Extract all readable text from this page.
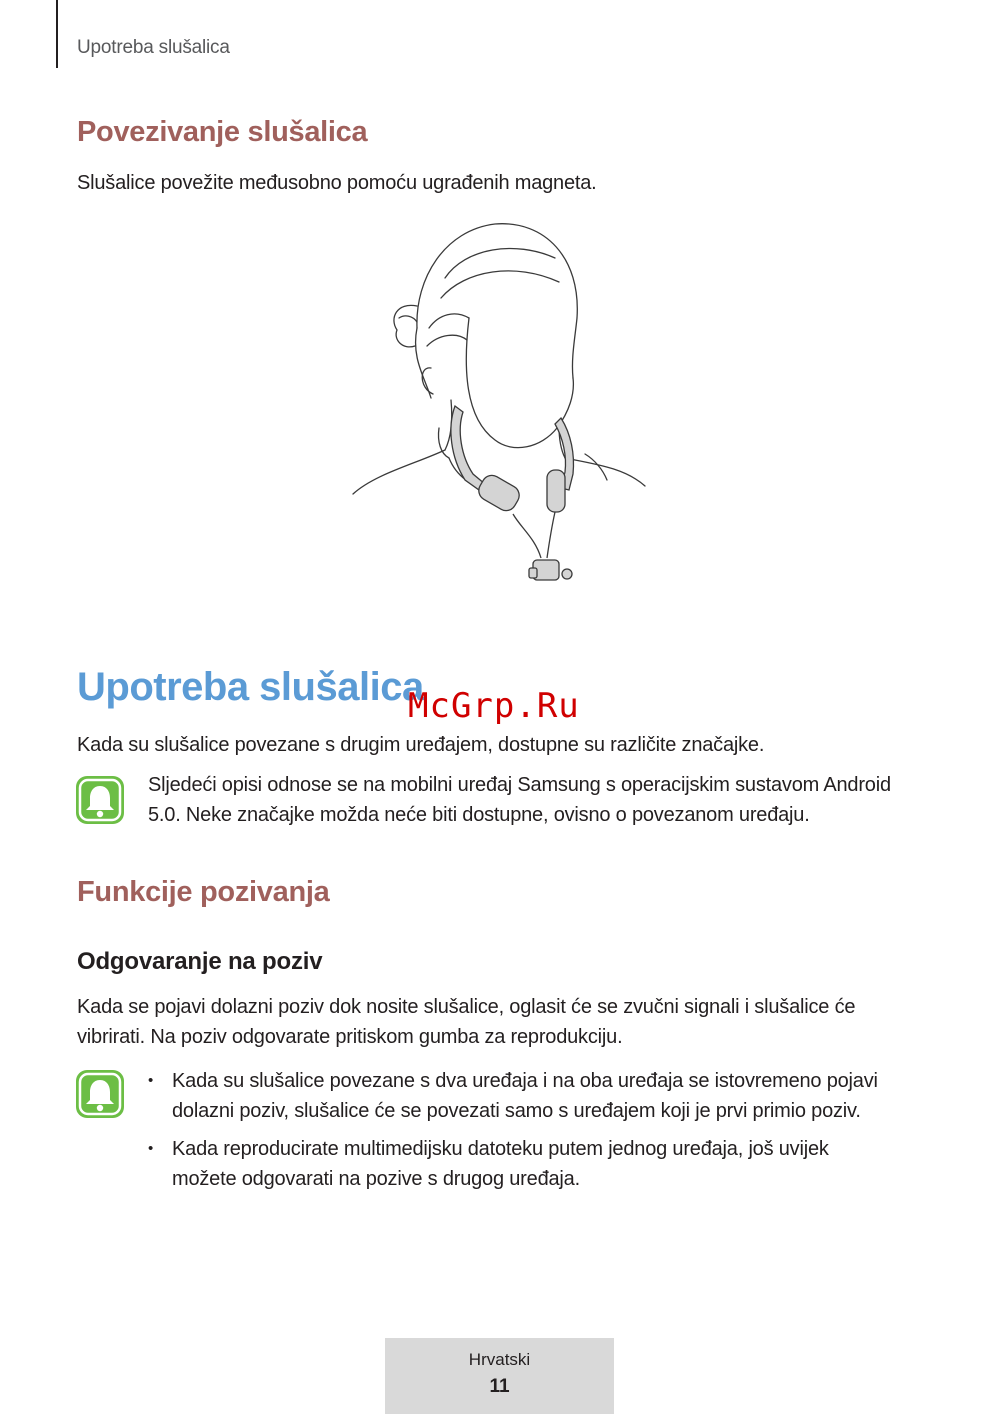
Upotreba slušalica
Povezivanje slušalica
Slušalice povežite međusobno pomoću ugrađenih magneta.
Upotreba slušalica
McGrp.Ru
Kada su slušalice povezane s drugim uređajem, dostupne su različite značajke.
Sljedeći opisi odnose se na mobilni uređaj Samsung s operacijskim sustavom Android
5.0. Neke značajke možda neće biti dostupne, ovisno o povezanom uređaju.
Funkcije pozivanja
Odgovaranje na poziv
Kada se pojavi dolazni poziv dok nosite slušalice, oglasit će se zvučni signali i slušalice će
vibrirati. Na poziv odgovarate pritiskom gumba za reprodukciju.
• Kada su slušalice povezane s dva uređaja i na oba uređaja se istovremeno pojavi
dolazni poziv, slušalice će se povezati samo s uređajem koji je prvi primio poziv.
• Kada reproducirate multimedijsku datoteku putem jednog uređaja, još uvijek
možete odgovarati na pozive s drugog uređaja.
Hrvatski
11
